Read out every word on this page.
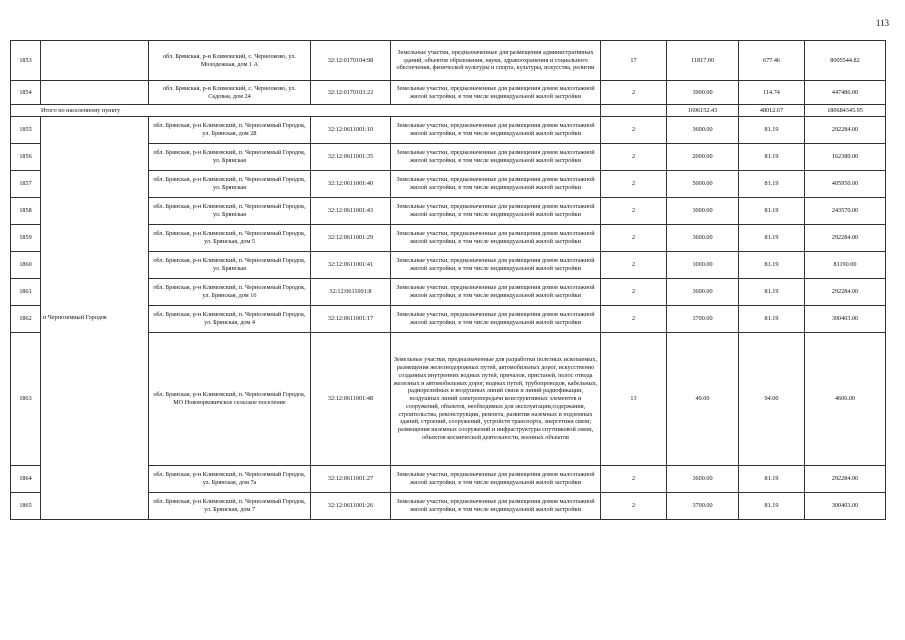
113
1853		обл. Брянская, р-н Климовский, с. Чернооково, ул. Молодежная, дом 1 А	32:12:0170104:98	Земельные участки, предназначенные для размещения административных зданий, объектов образования, науки, здравоохранения и социального обеспечения, физической культуры и спорта, культуры, искусства, религии	17	11817.00	677.46	8005544.82
1854		обл. Брянская, р-н Климовский, с. Чернооково, ул. Садовая, дом 24	32:12:0170103:22	Земельные участки, предназначенные для размещения домов малоэтажной жилой застройки, в том числе индивидуальной жилой застройки	2	3900.00	114.74	447486.00
Итого по населенному пункту						1696152.43	48012.67	180684345.95
1855	п Черноземный Городок	обл. Брянская, р-н Климовский, п. Черноземный Городок, ул. Брянская, дом 28	32:12:0611001:10	Земельные участки, предназначенные для размещения домов малоэтажной жилой застройки, в том числе индивидуальной жилой застройки	2	3600.00	81.19	292284.00
1856		обл. Брянская, р-н Климовский, п. Черноземный Городок, ул. Брянская	32:12:0611001:35	Земельные участки, предназначенные для размещения домов малоэтажной жилой застройки, в том числе индивидуальной жилой застройки	2	2000.00	81.19	162380.00
1857		обл. Брянская, р-н Климовский, п. Черноземный Городок, ул. Брянская	32:12:0611001:40	Земельные участки, предназначенные для размещения домов малоэтажной жилой застройки, в том числе индивидуальной жилой застройки	2	5000.00	81.19	405950.00
1858		обл. Брянская, р-н Климовский, п. Черноземный Городок, ул. Брянская	32:12:0611001:43	Земельные участки, предназначенные для размещения домов малоэтажной жилой застройки, в том числе индивидуальной жилой застройки	2	3000.00	81.19	243570.00
1859		обл. Брянская, р-н Климовский, п. Черноземный Городок, ул. Брянская, дом 5	32:12:0611001:29	Земельные участки, предназначенные для размещения домов малоэтажной жилой застройки, в том числе индивидуальной жилой застройки	2	3600.00	81.19	292284.00
1860		обл. Брянская, р-н Климовский, п. Черноземный Городок, ул. Брянская	32:12:0611001:41	Земельные участки, предназначенные для размещения домов малоэтажной жилой застройки, в том числе индивидуальной жилой застройки	2	1000.00	81.19	81190.00
1861		обл. Брянская, р-н Климовский, п. Черноземный Городок, ул. Брянская, дом 16	32:12:0611001:8	Земельные участки, предназначенные для размещения домов малоэтажной жилой застройки, в том числе индивидуальной жилой застройки	2	3600.00	81.19	292284.00
1862		обл. Брянская, р-н Климовский, п. Черноземный Городок, ул. Брянская, дом 4	32:12:0611001:17	Земельные участки, предназначенные для размещения домов малоэтажной жилой застройки, в том числе индивидуальной жилой застройки	2	3700.00	81.19	300403.00
1863		обл. Брянская, р-н Климовский, п. Черноземный Городок, МО Новоюрковичское сельское поселение	32:12:0611001:48	Земельные участки, предназначенные для разработки полезных ископаемых, размещения железнодорожных путей, автомобильных дорог, искусственно созданных внутренних водных путей, причалов, пристаней, полос отвода железных и автомобильных дорог, водных путей, трубопроводов, кабельных, радиорелейных и воздушных линий связи и линий радиофикации, воздушных линий электропередачи конструктивных элементов и сооружений, объектов, необходимых для эксплуатации,содержания, строительства, реконструкции, ремонта, развития наземных и подземных зданий, строений, сооружений, устройств транспорта, энергетики связи; размещения наземных сооружений и инфраструктуры спутниковой связи, объектов космической деятельности, военных объектов	13	49.00	94.00	4606.00
1864		обл. Брянская, р-н Климовский, п. Черноземный Городок, ул. Брянская, дом 7а	32:12:0611001:27	Земельные участки, предназначенные для размещения домов малоэтажной жилой застройки, в том числе индивидуальной жилой застройки	2	3600.00	81.19	292284.00
1865		обл. Брянская, р-н Климовский, п. Черноземный Городок, ул. Брянская, дом 7	32:12:0611001:26	Земельные участки, предназначенные для размещения домов малоэтажной жилой застройки, в том числе индивидуальной жилой застройки	2	3700.00	81.19	300403.00
